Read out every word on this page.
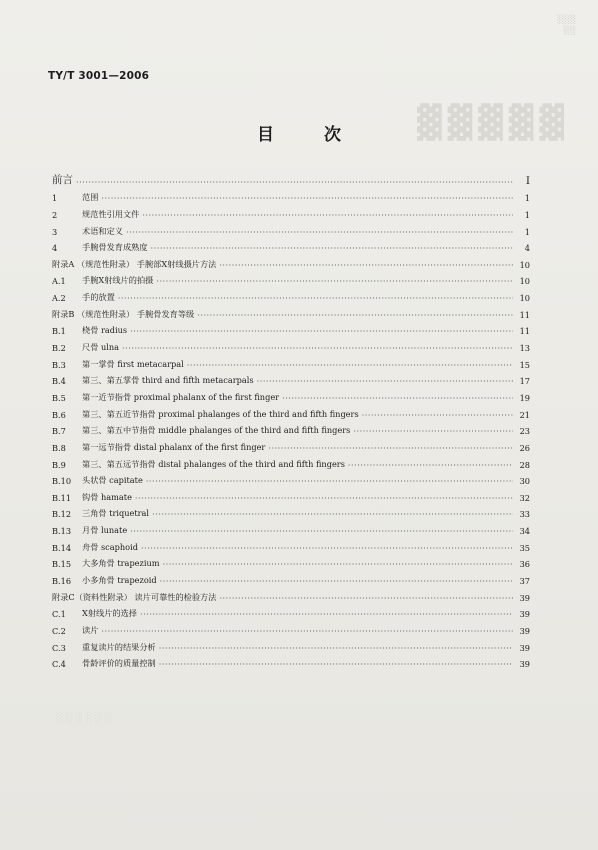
░░░
░░
▓▓▓▓▓
░░░░░░
TY/T 3001—2006
目 次
前言 ·····	I
1	范围 ·····	1
2	规范性引用文件 ·····	1
3	术语和定义 ·····	1
4	手腕骨发育成熟度 ·····	4
附录A （规范性附录） 手腕部X射线摄片方法 ·····	10
A.1	手腕X射线片的拍摄 ·····	10
A.2	手的放置 ·····	10
附录B （规范性附录） 手腕骨发育等级 ·····	11
B.1	桡骨 radius ·····	11
B.2	尺骨 ulna ·····	13
B.3	第一掌骨 first metacarpal ·····	15
B.4	第三、第五掌骨 third and fifth metacarpals ·····	17
B.5	第一近节指骨 proximal phalanx of the first finger ·····	19
B.6	第三、第五近节指骨 proximal phalanges of the third and fifth fingers ·····	21
B.7	第三、第五中节指骨 middle phalanges of the third and fifth fingers ·····	23
B.8	第一远节指骨 distal phalanx of the first finger ·····	26
B.9	第三、第五远节指骨 distal phalanges of the third and fifth fingers ·····	28
B.10	头状骨 capitate ·····	30
B.11	钩骨 hamate ·····	32
B.12	三角骨 triquetral ·····	33
B.13	月骨 lunate ·····	34
B.14	舟骨 scaphoid ·····	35
B.15	大多角骨 trapezium ·····	36
B.16	小多角骨 trapezoid ·····	37
附录C（资料性附录） 读片可靠性的检验方法 ·····	39
C.1	X射线片的选择 ·····	39
C.2	读片 ·····	39
C.3	重复读片的结果分析 ·····	39
C.4	骨龄评价的质量控制 ·····	39
